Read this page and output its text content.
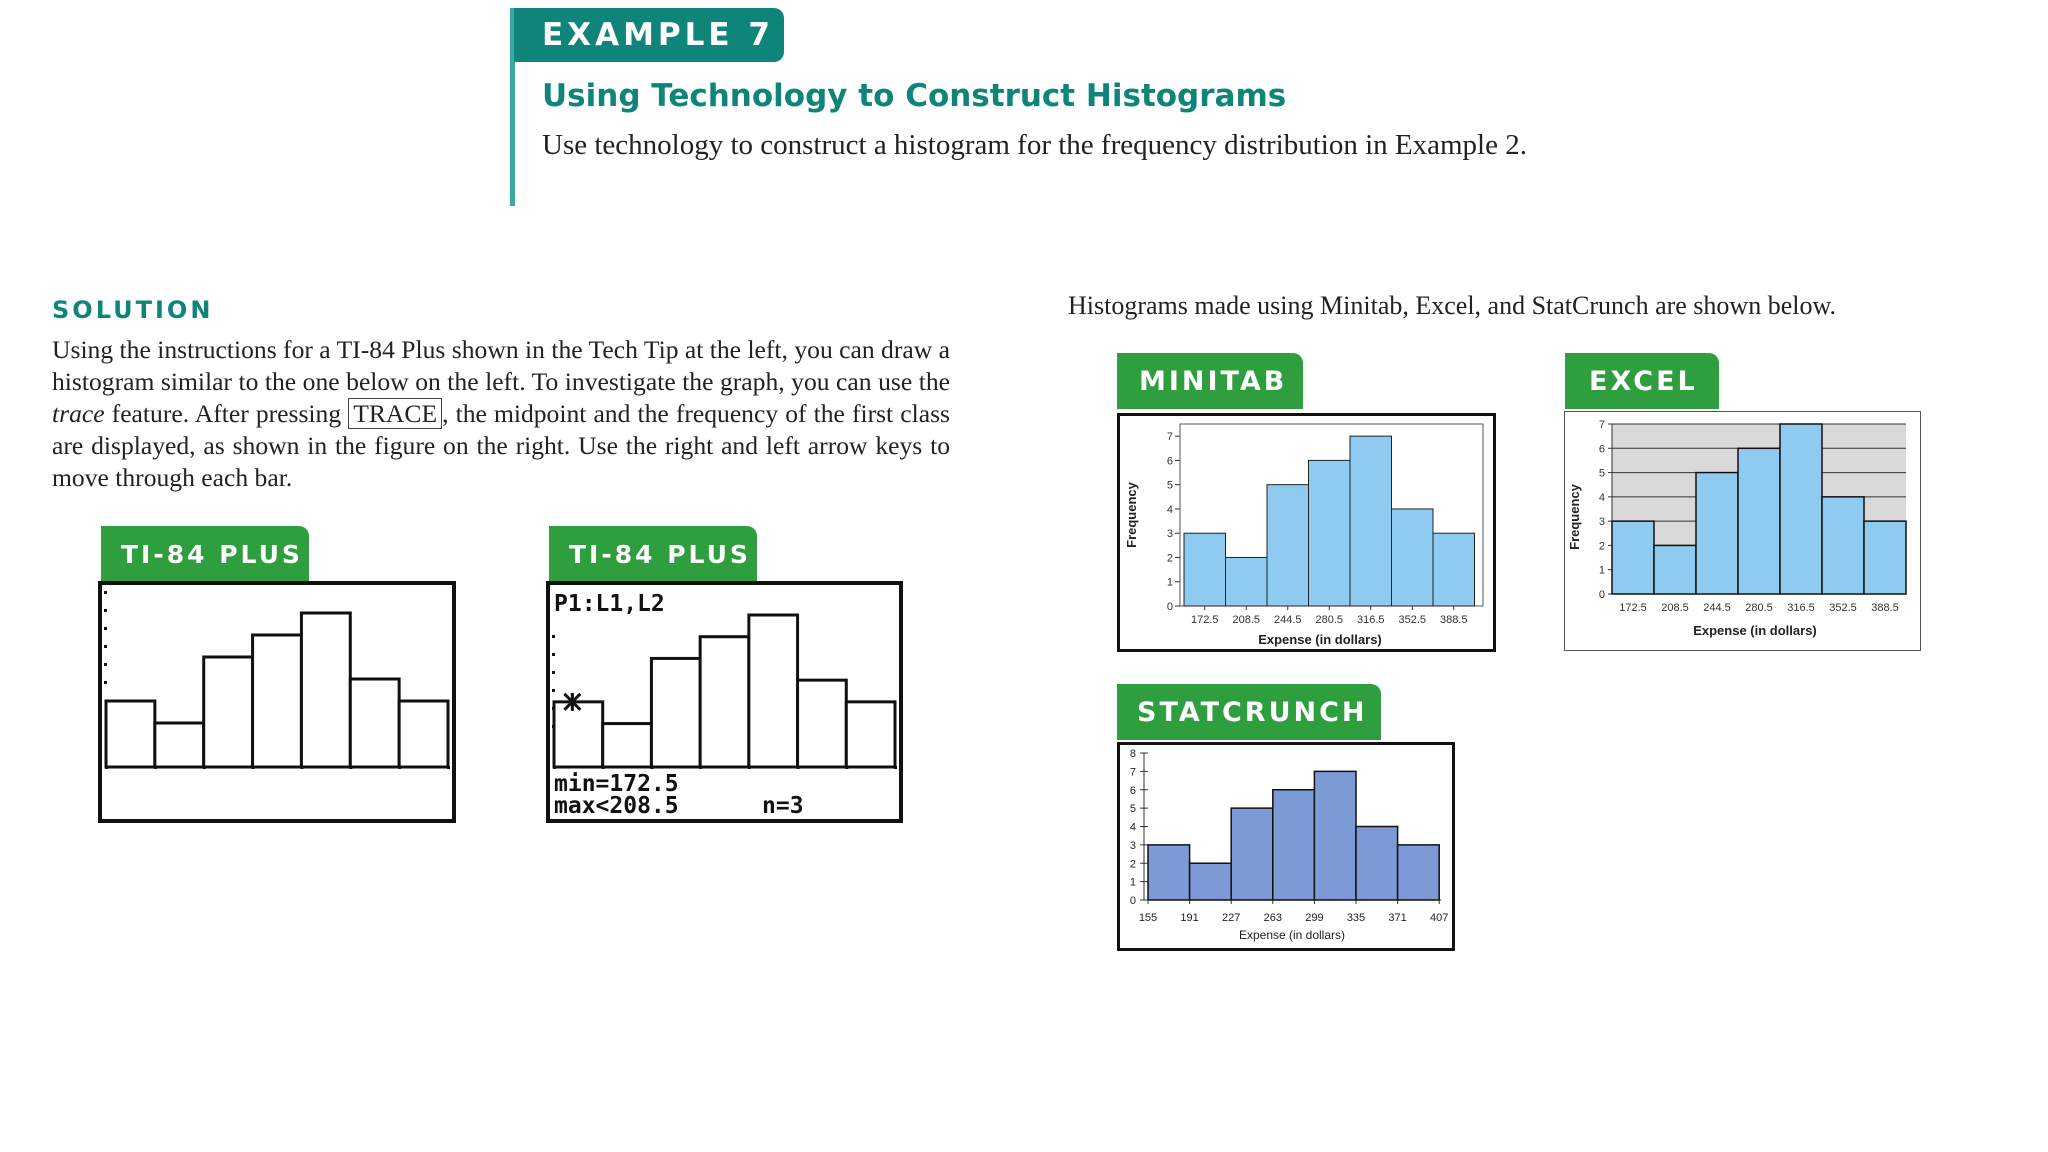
EXAMPLE 7
Using Technology to Construct Histograms
Use technology to construct a histogram for the frequency distribution in Example 2.
SOLUTION
Using the instructions for a TI-84 Plus shown in the Tech Tip at the left, you can draw a histogram similar to the one below on the left. To investigate the graph, you can use the trace feature. After pressing TRACE , the midpoint and the frequency of the first class are displayed, as shown in the figure on the right. Use the right and left arrow keys to move through each bar.
Histograms made using Minitab, Excel, and StatCrunch are shown below.
TI-84 PLUS	TI-84 PLUS
P1:L1,L2
min=172.5
max<208.5	n=3
MINITAB
172.5 208.5 244.5 280.5 316.5 352.5 388.5
0
1
2
3
4
5
6
7
Expense (in dollars)
Frequency
EXCEL
0
1
2
3
4
5
6
7
172.5 208.5 244.5 280.5 316.5 352.5 388.5
Expense (in dollars)
Frequency
STATCRUNCH
155 191 227 263 299 335 371 407
0
1
2
3
4
5
6
7
8
Expense (in dollars)
